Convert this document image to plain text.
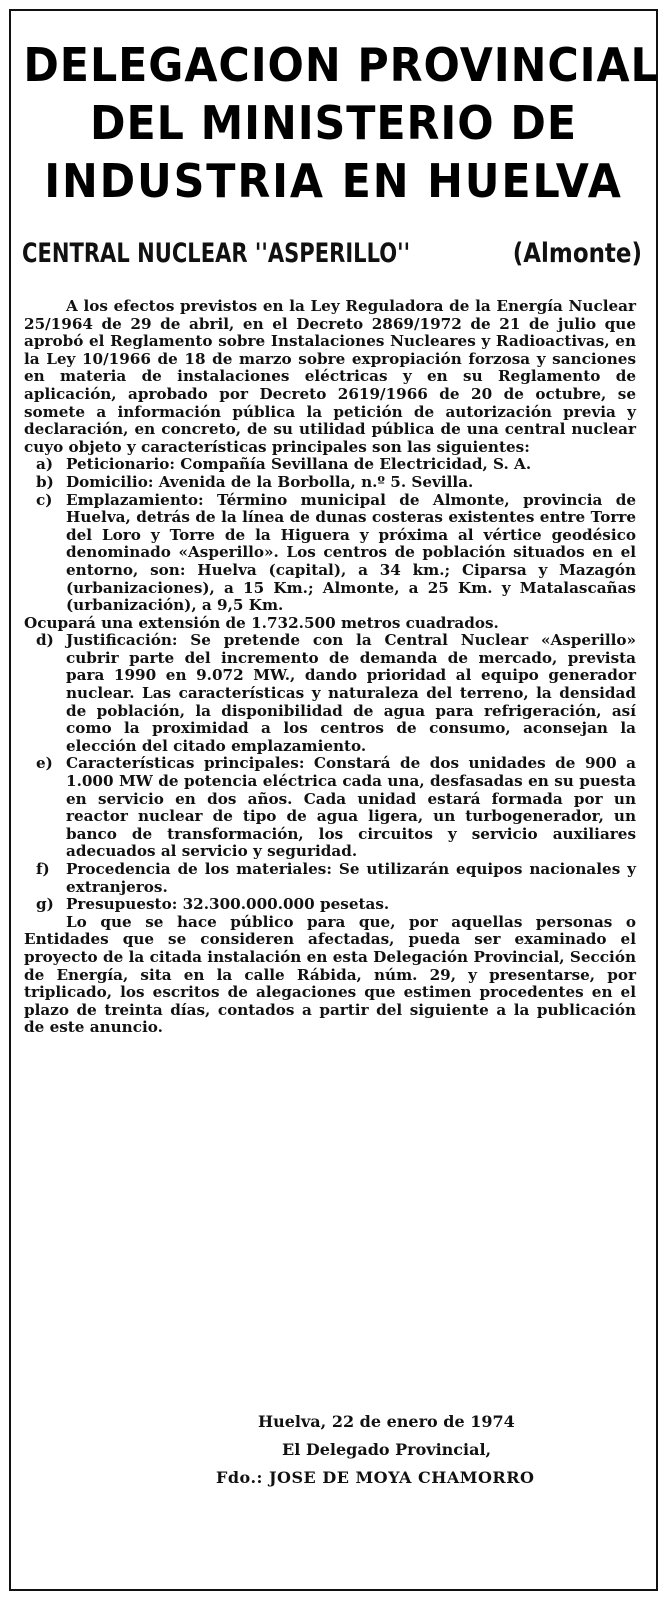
DELEGACION PROVINCIAL
DEL MINISTERIO DE
INDUSTRIA EN HUELVA
CENTRAL NUCLEAR ''ASPERILLO''	(Almonte)

A los efectos previstos en la Ley Reguladora de la Energía Nuclear 25/1964 de 29 de abril, en el Decreto 2869/1972 de 21 de julio que aprobó el Reglamento sobre Instalaciones Nucleares y Radioactivas, en la Ley 10/1966 de 18 de marzo sobre expropiación forzosa y sanciones en materia de instalaciones eléctricas y en su Reglamento de aplicación, aprobado por Decreto 2619/1966 de 20 de octubre, se somete a información pública la petición de autorización previa y declaración, en concreto, de su utilidad pública de una central nuclear cuyo objeto y características principales son las siguientes:

a) Peticionario: Compañía Sevillana de Electricidad, S. A.
b) Domicilio: Avenida de la Borbolla, n.º 5. Sevilla.
c) Emplazamiento: Término municipal de Almonte, provincia de Huelva, detrás de la línea de dunas costeras existentes entre Torre del Loro y Torre de la Higuera y próxima al vértice geodésico denominado «Asperillo». Los centros de población situados en el entorno, son: Huelva (capital), a 34 km.; Ciparsa y Mazagón (urbanizaciones), a 15 Km.; Almonte, a 25 Km. y Matalascañas (urbanización), a 9,5 Km.

Ocupará una extensión de 1.732.500 metros cuadrados.

d) Justificación: Se pretende con la Central Nuclear «Asperillo» cubrir parte del incremento de demanda de mercado, prevista para 1990 en 9.072 MW., dando prioridad al equipo generador nuclear. Las características y naturaleza del terreno, la densidad de población, la disponibilidad de agua para refrigeración, así como la proximidad a los centros de consumo, aconsejan la elección del citado emplazamiento.
e) Características principales: Constará de dos unidades de 900 a 1.000 MW de potencia eléctrica cada una, desfasadas en su puesta en servicio en dos años. Cada unidad estará formada por un reactor nuclear de tipo de agua ligera, un turbogenerador, un banco de transformación, los circuitos y servicio auxiliares adecuados al servicio y seguridad.
f)	Procedencia de los materiales: Se utilizarán equipos nacionales y extranjeros.
g) Presupuesto: 32.300.000.000 pesetas.

Lo que se hace público para que, por aquellas personas o Entidades que se consideren afectadas, pueda ser examinado el proyecto de la citada instalación en esta Delegación Provincial, Sección de Energía, sita en la calle Rábida, núm. 29, y presentarse, por triplicado, los escritos de alegaciones que estimen procedentes en el plazo de treinta días, contados a partir del siguiente a la publicación de este anuncio.

Huelva, 22 de enero de 1974
El Delegado Provincial,
Fdo.: JOSE DE MOYA CHAMORRO
